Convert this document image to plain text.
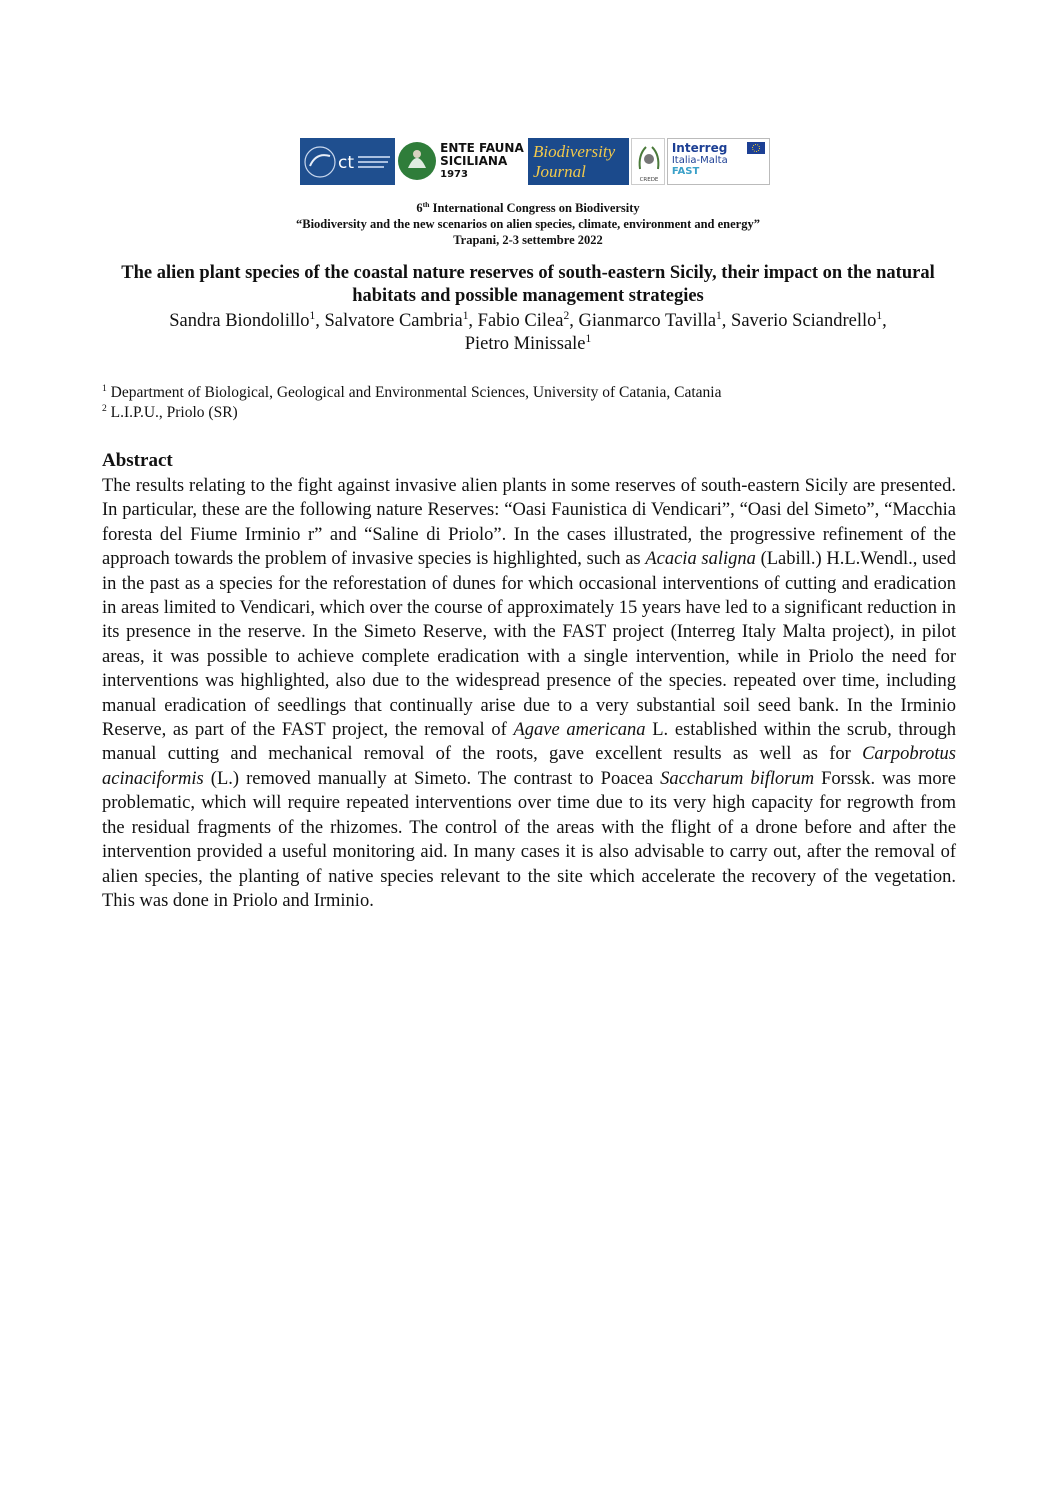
ct
ENTE FAUNA
SICILIANA
1973
Biodiversity
Journal	CREDE
Interreg
Italia-Malta
FAST
6th International Congress on Biodiversity
“Biodiversity and the new scenarios on alien species, climate, environment and energy”
Trapani, 2-3 settembre 2022
The alien plant species of the coastal nature reserves of south-eastern Sicily, their impact on the natural habitats and possible management strategies
Sandra Biondolillo$^1$, Salvatore Cambria$^1$, Fabio Cilea$^2$, Gianmarco Tavilla$^1$, Saverio Sciandrello$^1$,
Pietro Minissale$^1$
$^1$ Department of Biological, Geological and Environmental Sciences, University of Catania, Catania
$^2$ L.I.P.U., Priolo (SR)
Abstract

The results relating to the fight against invasive alien plants in some reserves of south-eastern Sicily are presented. In particular, these are the following nature Reserves: “Oasi Faunistica di Vendicari”, “Oasi del Simeto”, “Macchia foresta del Fiume Irminio r” and “Saline di Priolo”. In the cases illustrated, the progressive refinement of the approach towards the problem of invasive species is highlighted, such as Acacia saligna (Labill.) H.L.Wendl., used in the past as a species for the reforestation of dunes for which occasional interventions of cutting and eradication in areas limited to Vendicari, which over the course of approximately 15 years have led to a significant reduction in its presence in the reserve. In the Simeto Reserve, with the FAST project (Interreg Italy Malta project), in pilot areas, it was possible to achieve complete eradication with a single intervention, while in Priolo the need for interventions was highlighted, also due to the widespread presence of the species. repeated over time, including manual eradication of seedlings that continually arise due to a very substantial soil seed bank. In the Irminio Reserve, as part of the FAST project, the removal of Agave americana L. established within the scrub, through manual cutting and mechanical removal of the roots, gave excellent results as well as for Carpobrotus acinaciformis (L.) removed manually at Simeto. The contrast to Poacea Saccharum biflorum Forssk. was more problematic, which will require repeated interventions over time due to its very high capacity for regrowth from the residual fragments of the rhizomes. The control of the areas with the flight of a drone before and after the intervention provided a useful monitoring aid. In many cases it is also advisable to carry out, after the removal of alien species, the planting of native species relevant to the site which accelerate the recovery of the vegetation. This was done in Priolo and Irminio.
